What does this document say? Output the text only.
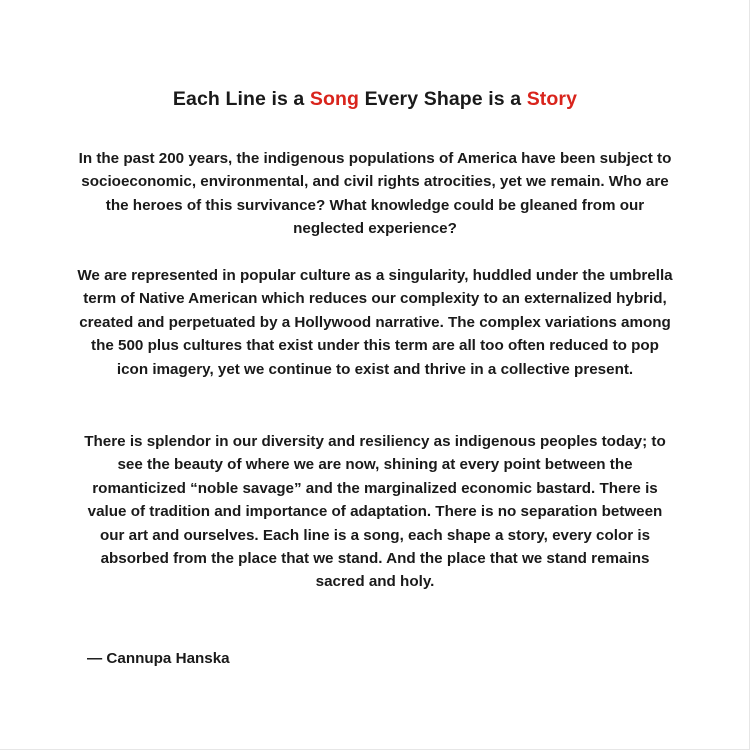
Each Line is a Song Every Shape is a Story

In the past 200 years, the indigenous populations of America have been subject to socioeconomic, environmental, and civil rights atrocities, yet we remain. Who are the heroes of this survivance? What knowledge could be gleaned from our neglected experience?

We are represented in popular culture as a singularity, huddled under the umbrella term of Native American which reduces our complexity to an externalized hybrid, created and perpetuated by a Hollywood narrative. The complex variations among the 500 plus cultures that exist under this term are all too often reduced to pop icon imagery, yet we continue to exist and thrive in a collective present.

There is splendor in our diversity and resiliency as indigenous peoples today; to see the beauty of where we are now, shining at every point between the romanticized “noble savage” and the marginalized economic bastard. There is value of tradition and importance of adaptation. There is no separation between our art and ourselves. Each line is a song, each shape a story, every color is absorbed from the place that we stand. And the place that we stand remains sacred and holy.

— Cannupa Hanska
